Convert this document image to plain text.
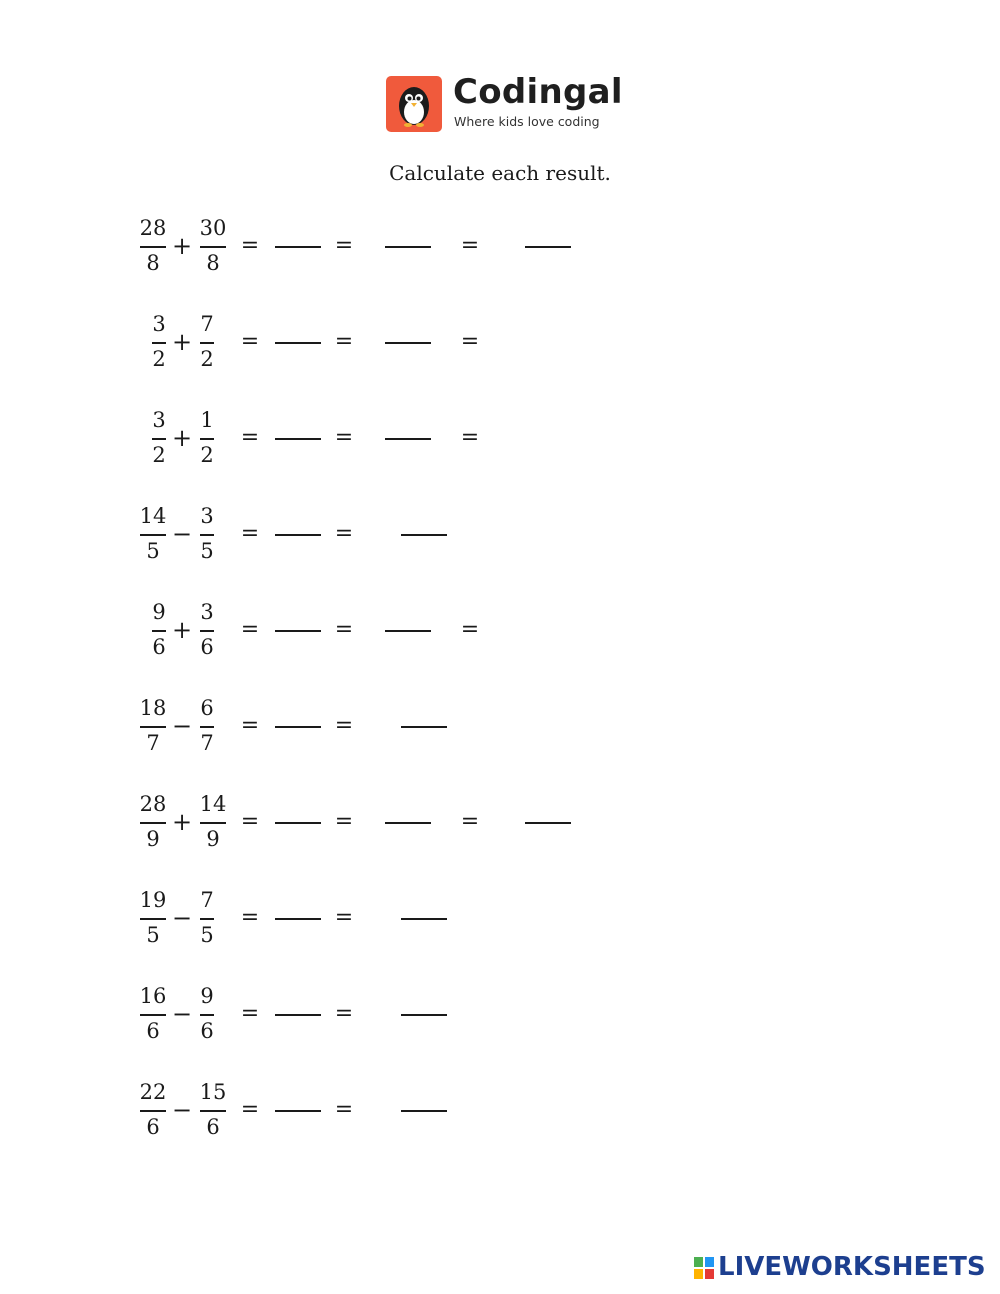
Codingal
Where kids love coding
Calculate each result.
28
8
+
30
8
=	=	=
3
2
+
7
2
=	=	=
3
2
+
1
2
=	=	=
14
5
−
3
5
=	=
9
6
+
3
6
=	=	=
18
7
−
6
7
=	=
28
9
+
14
9
=	=	=
19
5
−
7
5
=	=
16
6
−
9
6
=	=
22
6
−
15
6
=	=
LIVEWORKSHEETS
